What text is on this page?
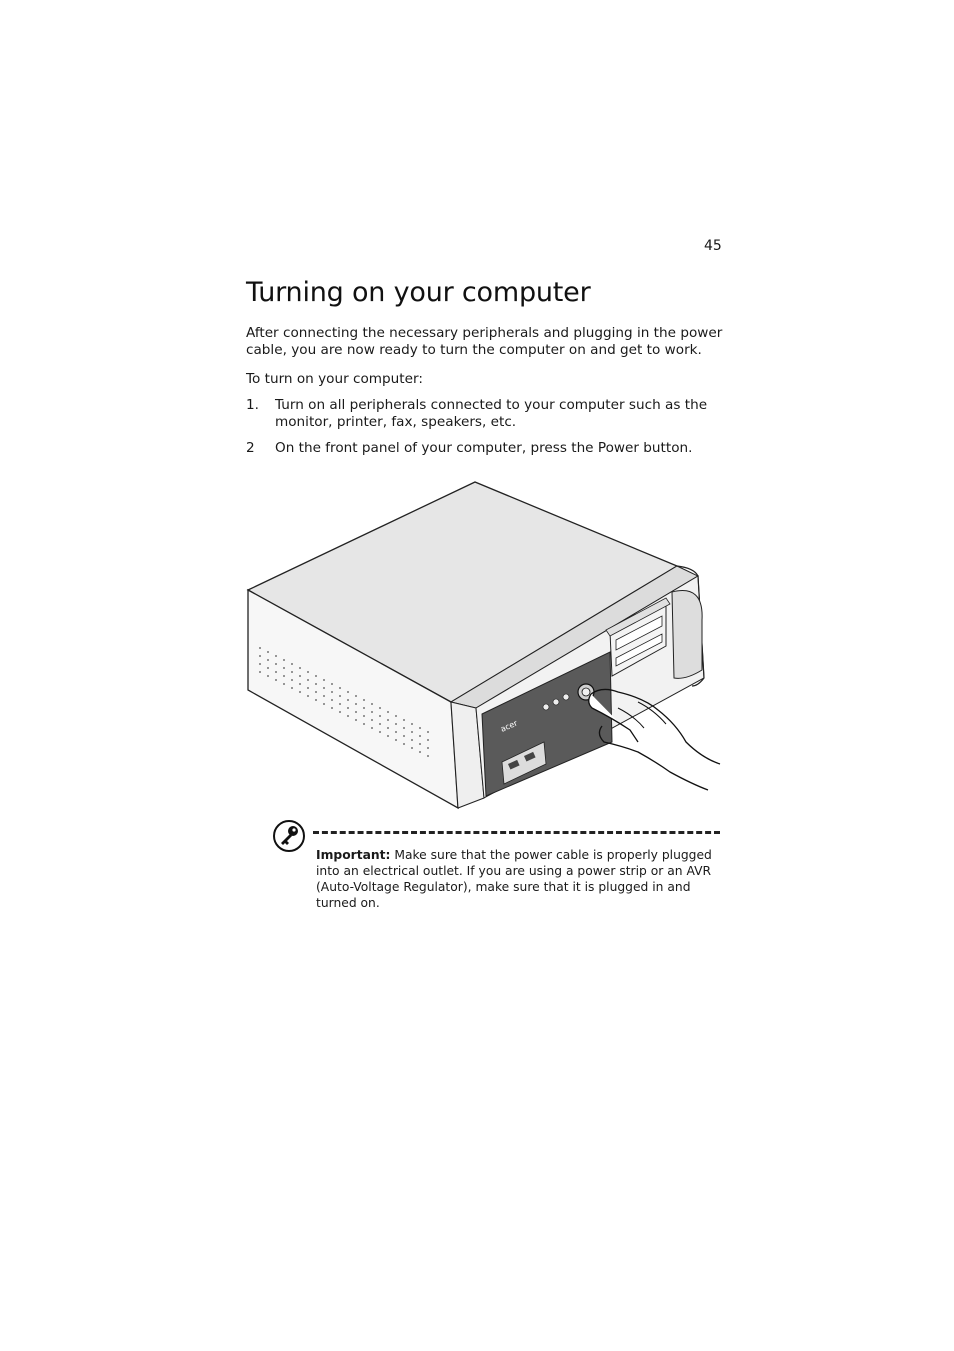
45
Turning on your computer

After connecting the necessary peripherals and plugging in the power cable, you are now ready to turn the computer on and get to work.

To turn on your computer:

1. Turn on all peripherals connected to your computer such as the monitor, printer, fax, speakers, etc.
2 On the front panel of your computer, press the Power button.
acer

Important: Make sure that the power cable is properly plugged into an electrical outlet. If you are using a power strip or an AVR (Auto-Voltage Regulator), make sure that it is plugged in and turned on.
